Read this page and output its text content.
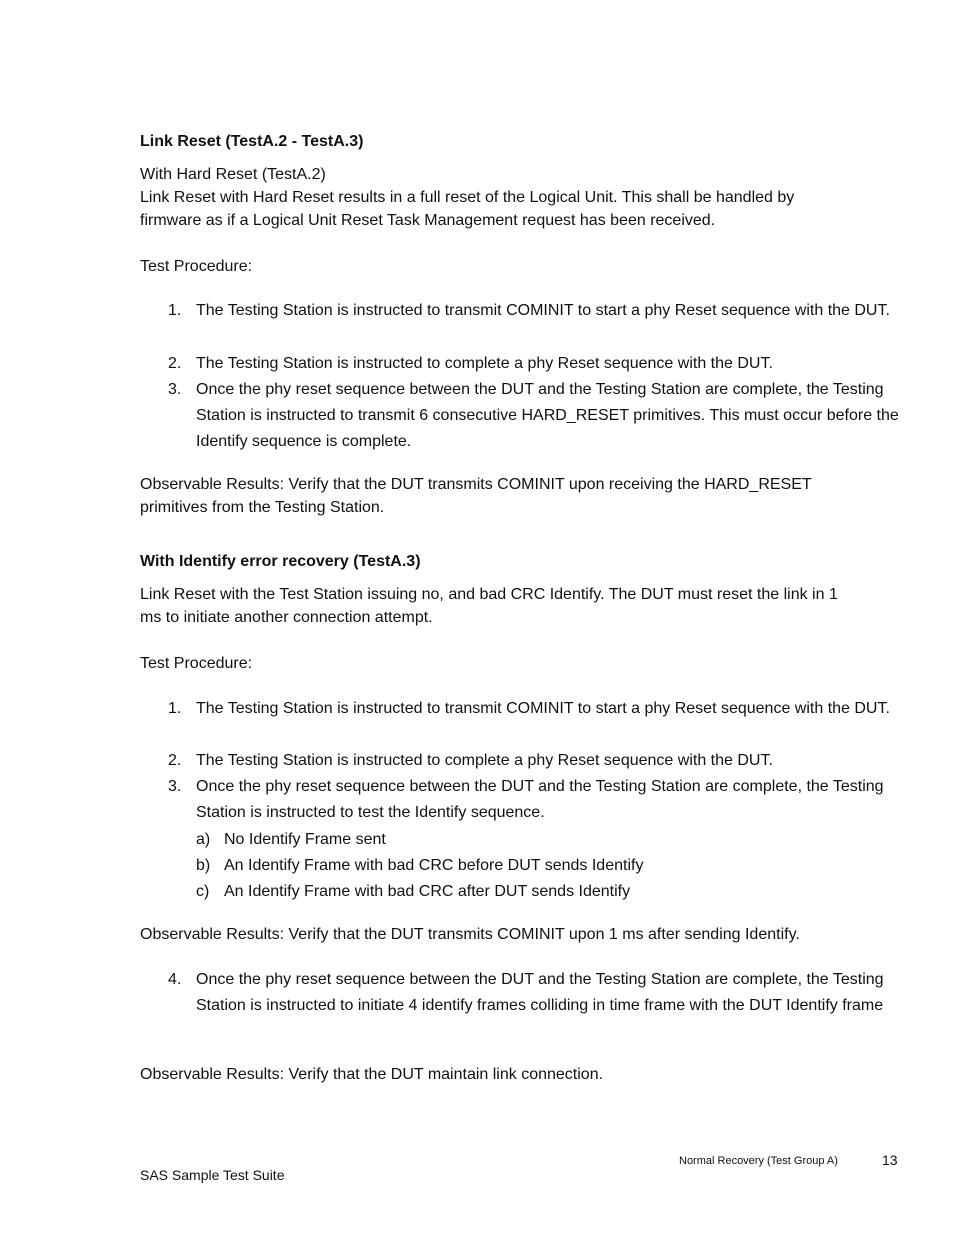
Link Reset (TestA.2 - TestA.3)
With Hard Reset (TestA.2)
Link Reset with Hard Reset results in a full reset of the Logical Unit. This shall be handled by
firmware as if a Logical Unit Reset Task Management request has been received.
Test Procedure:
1. The Testing Station is instructed to transmit COMINIT to start a phy Reset sequence with the DUT.
2. The Testing Station is instructed to complete a phy Reset sequence with the DUT.
3. Once the phy reset sequence between the DUT and the Testing Station are complete, the Testing Station is instructed to transmit 6 consecutive HARD_RESET primitives. This must occur before the Identify sequence is complete.
Observable Results: Verify that the DUT transmits COMINIT upon receiving the HARD_RESET
primitives from the Testing Station.
With Identify error recovery (TestA.3)
Link Reset with the Test Station issuing no, and bad CRC Identify. The DUT must reset the link in 1
ms to initiate another connection attempt.
Test Procedure:
1. The Testing Station is instructed to transmit COMINIT to start a phy Reset sequence with the DUT.
2. The Testing Station is instructed to complete a phy Reset sequence with the DUT.
3. Once the phy reset sequence between the DUT and the Testing Station are complete, the Testing Station is instructed to test the Identify sequence.
a) No Identify Frame sent
b) An Identify Frame with bad CRC before DUT sends Identify
c) An Identify Frame with bad CRC after DUT sends Identify
Observable Results: Verify that the DUT transmits COMINIT upon 1 ms after sending Identify.
4. Once the phy reset sequence between the DUT and the Testing Station are complete, the Testing Station is instructed to initiate 4 identify frames colliding in time frame with the DUT Identify frame
Observable Results: Verify that the DUT maintain link connection.
SAS Sample Test Suite
Normal Recovery (Test Group A)	13
